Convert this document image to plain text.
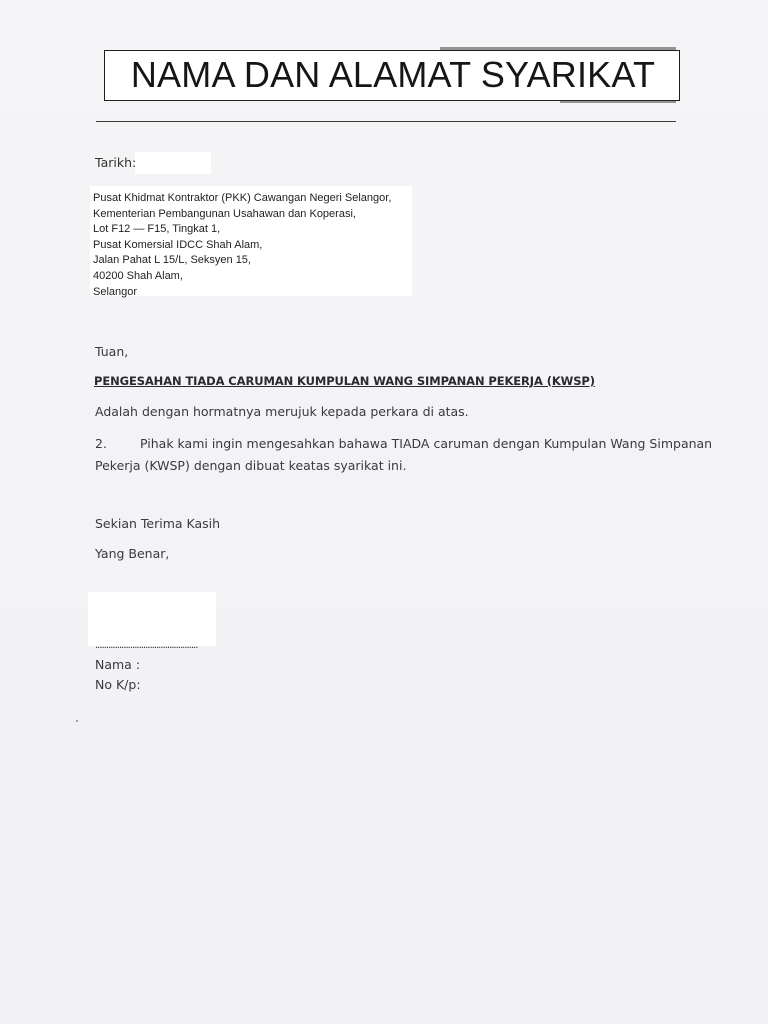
NAMA DAN ALAMAT SYARIKAT
Tarikh:
Pusat Khidmat Kontraktor (PKK) Cawangan Negeri Selangor,
Kementerian Pembangunan Usahawan dan Koperasi,
Lot F12 — F15, Tingkat 1,
Pusat Komersial IDCC Shah Alam,
Jalan Pahat L 15/L, Seksyen 15,
40200 Shah Alam,
Selangor
Tuan,
PENGESAHAN TIADA CARUMAN KUMPULAN WANG SIMPANAN PEKERJA (KWSP)
Adalah dengan hormatnya merujuk kepada perkara di atas.
2.	Pihak kami ingin mengesahkan bahawa TIADA caruman dengan Kumpulan Wang Simpanan
Pekerja (KWSP) dengan dibuat keatas syarikat ini.
Sekian Terima Kasih
Yang Benar,
...............................................
Nama :
No K/p:
